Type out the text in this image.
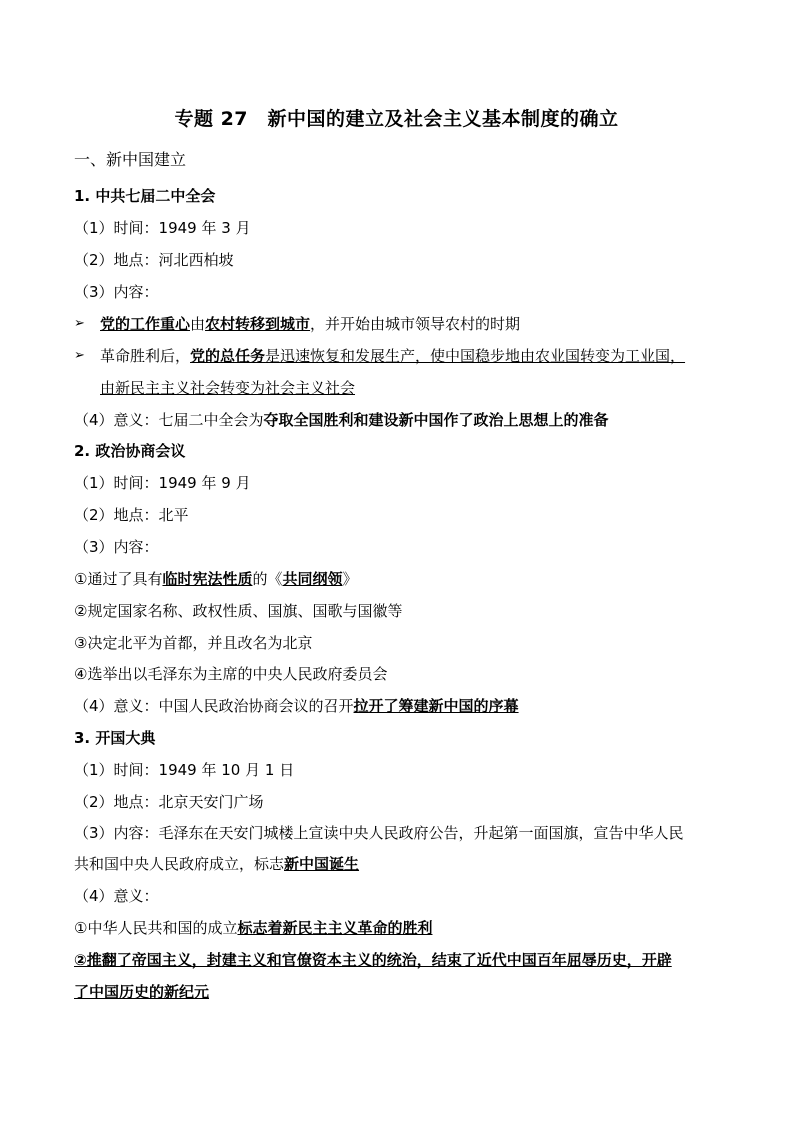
专题 27　新中国的建立及社会主义基本制度的确立
一、新中国建立
1. 中共七届二中全会
（1）时间：1949 年 3 月
（2）地点：河北西柏坡
（3）内容：
➢ 党的工作重心由农村转移到城市，并开始由城市领导农村的时期
➢ 革命胜利后，党的总任务是迅速恢复和发展生产，使中国稳步地由农业国转变为工业国，
由新民主主义社会转变为社会主义社会
（4）意义：七届二中全会为夺取全国胜利和建设新中国作了政治上思想上的准备
2. 政治协商会议
（1）时间：1949 年 9 月
（2）地点：北平
（3）内容：
①通过了具有临时宪法性质的《共同纲领》
②规定国家名称、政权性质、国旗、国歌与国徽等
③决定北平为首都，并且改名为北京
④选举出以毛泽东为主席的中央人民政府委员会
（4）意义：中国人民政治协商会议的召开拉开了筹建新中国的序幕
3. 开国大典
（1）时间：1949 年 10 月 1 日
（2）地点：北京天安门广场
（3）内容：毛泽东在天安门城楼上宣读中央人民政府公告，升起第一面国旗，宣告中华人民
共和国中央人民政府成立，标志新中国诞生
（4）意义：
①中华人民共和国的成立标志着新民主主义革命的胜利
②推翻了帝国主义，封建主义和官僚资本主义的统治，结束了近代中国百年屈辱历史，开辟
了中国历史的新纪元
